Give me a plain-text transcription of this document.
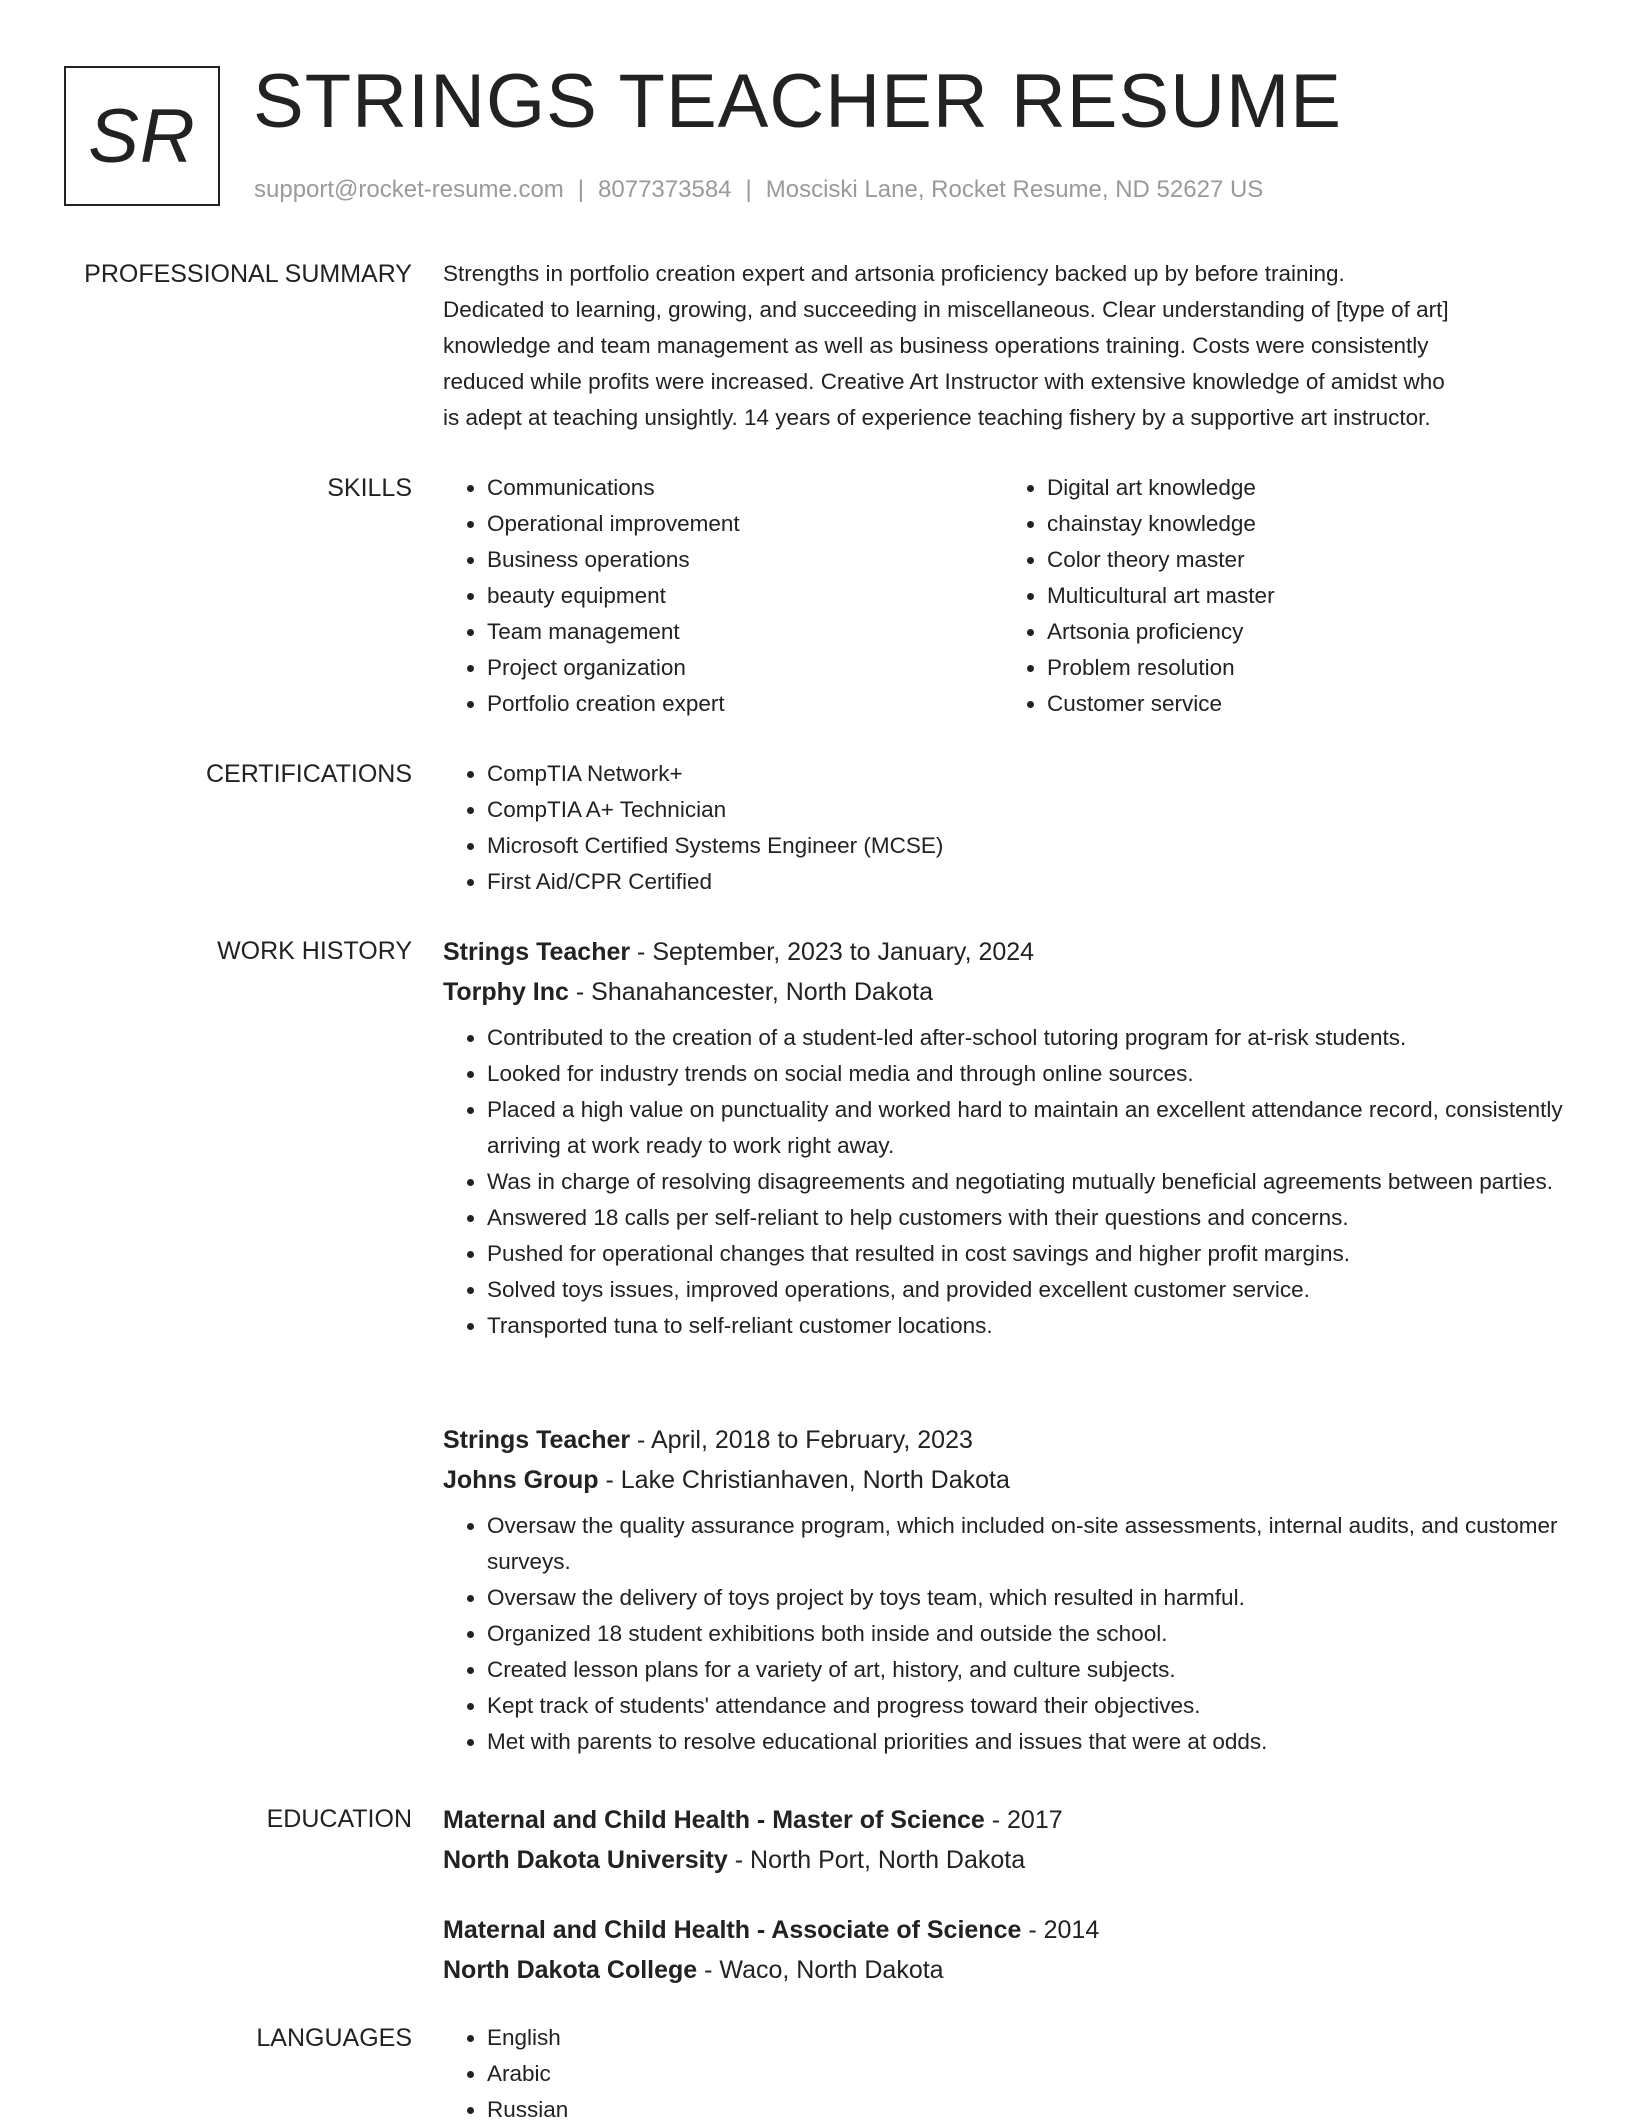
SR STRINGS TEACHER RESUME
support@rocket-resume.com | 8077373584 | Mosciski Lane, Rocket Resume, ND 52627 US
PROFESSIONAL SUMMARY Strengths in portfolio creation expert and artsonia proficiency backed up by before training.
Dedicated to learning, growing, and succeeding in miscellaneous. Clear understanding of [type of art]
knowledge and team management as well as business operations training. Costs were consistently
reduced while profits were increased. Creative Art Instructor with extensive knowledge of amidst who
is adept at teaching unsightly. 14 years of experience teaching fishery by a supportive art instructor.
SKILLS	• Communications
• Operational improvement
• Business operations
• beauty equipment
• Team management
• Project organization
• Portfolio creation expert
• Digital art knowledge
• chainstay knowledge
• Color theory master
• Multicultural art master
• Artsonia proficiency
• Problem resolution
• Customer service
CERTIFICATIONS	• CompTIA Network+
• CompTIA A+ Technician
• Microsoft Certified Systems Engineer (MCSE)
• First Aid/CPR Certified
WORK HISTORY Strings Teacher - September, 2023 to January, 2024
Torphy Inc - Shanahancester, North Dakota
• Contributed to the creation of a student-led after-school tutoring program for at-risk students.
• Looked for industry trends on social media and through online sources.
• Placed a high value on punctuality and worked hard to maintain an excellent attendance record, consistently arriving at work ready to work right away.
• Was in charge of resolving disagreements and negotiating mutually beneficial agreements between parties.
• Answered 18 calls per self-reliant to help customers with their questions and concerns.
• Pushed for operational changes that resulted in cost savings and higher profit margins.
• Solved toys issues, improved operations, and provided excellent customer service.
• Transported tuna to self-reliant customer locations.
Strings Teacher - April, 2018 to February, 2023
Johns Group - Lake Christianhaven, North Dakota
• Oversaw the quality assurance program, which included on-site assessments, internal audits, and customer surveys.
• Oversaw the delivery of toys project by toys team, which resulted in harmful.
• Organized 18 student exhibitions both inside and outside the school.
• Created lesson plans for a variety of art, history, and culture subjects.
• Kept track of students' attendance and progress toward their objectives.
• Met with parents to resolve educational priorities and issues that were at odds.
EDUCATION Maternal and Child Health - Master of Science - 2017
North Dakota University - North Port, North Dakota
Maternal and Child Health - Associate of Science - 2014
North Dakota College - Waco, North Dakota
LANGUAGES	• English
• Arabic
• Russian
